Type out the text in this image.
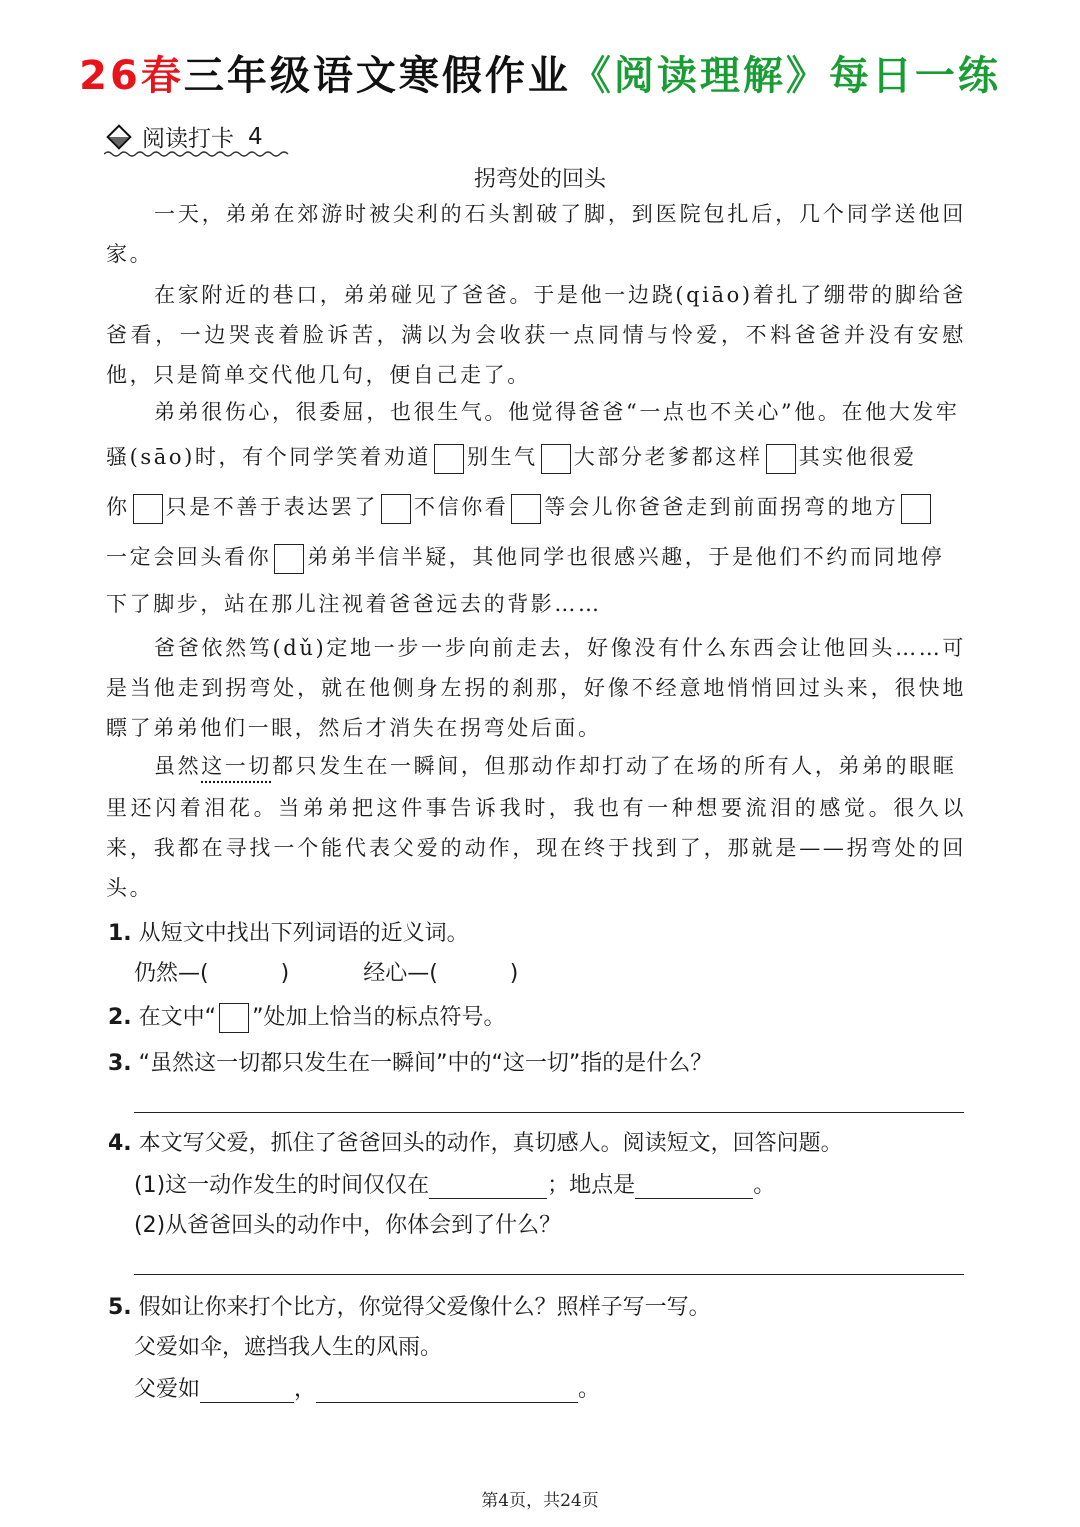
26春三年级语文寒假作业《阅读理解》每日一练
阅读打卡 4
拐弯处的回头
一天，弟弟在郊游时被尖利的石头割破了脚，到医院包扎后，几个同学送他回家。
在家附近的巷口，弟弟碰见了爸爸。于是他一边跷(qiāo)着扎了绷带的脚给爸爸看，一边哭丧着脸诉苦，满以为会收获一点同情与怜爱，不料爸爸并没有安慰他，只是简单交代他几句，便自己走了。
弟弟很伤心，很委屈，也很生气。他觉得爸爸“一点也不关心”他。在他大发牢
骚(sāo)时，有个同学笑着劝道 别生气 大部分老爹都这样 其实他很爱
你 只是不善于表达罢了 不信你看 等会儿你爸爸走到前面拐弯的地方
一定会回头看你 弟弟半信半疑，其他同学也很感兴趣，于是他们不约而同地停
下了脚步，站在那儿注视着爸爸远去的背影……
爸爸依然笃(dǔ)定地一步一步向前走去，好像没有什么东西会让他回头……可是当他走到拐弯处，就在他侧身左拐的刹那，好像不经意地悄悄回过头来，很快地瞟了弟弟他们一眼，然后才消失在拐弯处后面。
虽然这一切都只发生在一瞬间，但那动作却打动了在场的所有人，弟弟的眼眶
里还闪着泪花。当弟弟把这件事告诉我时，我也有一种想要流泪的感觉。很久以来，我都在寻找一个能代表父爱的动作，现在终于找到了，那就是——拐弯处的回头。
1. 从短文中找出下列词语的近义词。
仍然—(	)	经心—(	)
2. 在文中“ ”处加上恰当的标点符号。
3. “虽然这一切都只发生在一瞬间”中的“这一切”指的是什么？
4. 本文写父爱，抓住了爸爸回头的动作，真切感人。阅读短文，回答问题。
(1)这一动作发生的时间仅仅在	；地点是	。
(2)从爸爸回头的动作中，你体会到了什么？
5. 假如让你来打个比方，你觉得父爱像什么？照样子写一写。
父爱如伞，遮挡我人生的风雨。
父爱如	，	。
第4页，共24页
